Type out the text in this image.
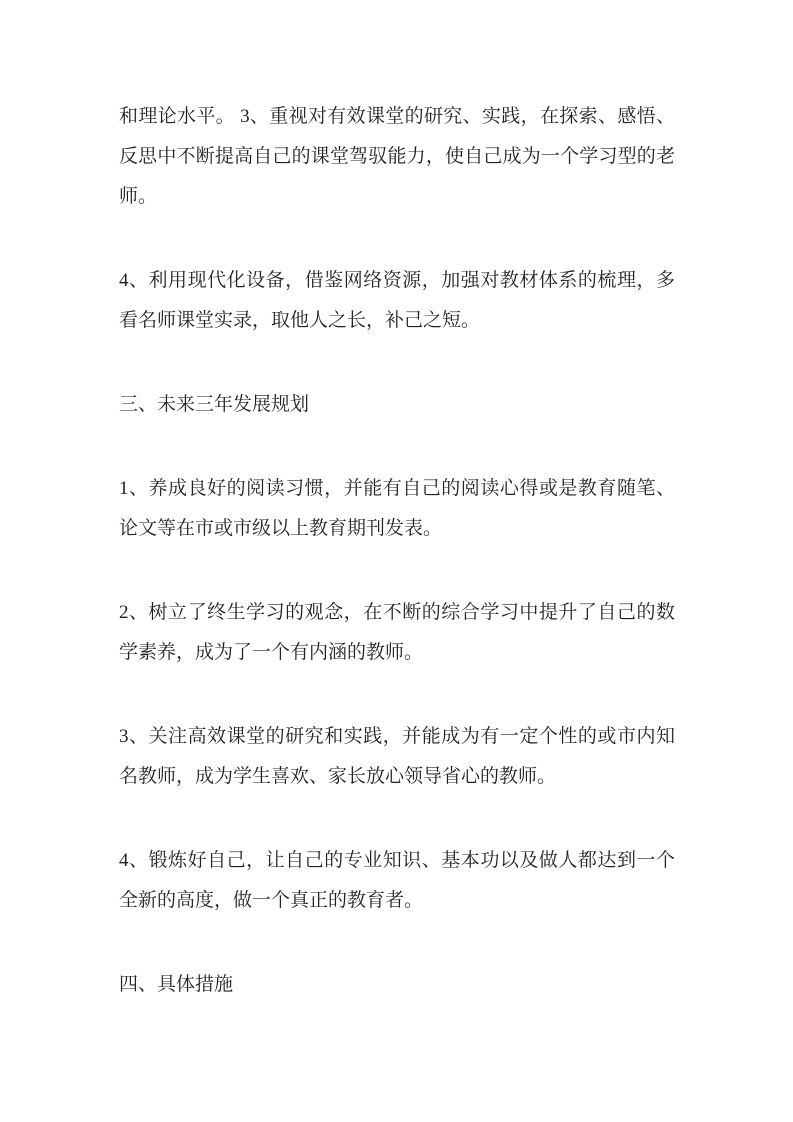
和理论水平。 3、重视对有效课堂的研究、实践，在探索、感悟、反思中不断提高自己的课堂驾驭能力，使自己成为一个学习型的老师。

4、利用现代化设备，借鉴网络资源，加强对教材体系的梳理，多看名师课堂实录，取他人之长，补己之短。

三、未来三年发展规划

1、养成良好的阅读习惯，并能有自己的阅读心得或是教育随笔、论文等在市或市级以上教育期刊发表。

2、树立了终生学习的观念，在不断的综合学习中提升了自己的数学素养，成为了一个有内涵的教师。

3、关注高效课堂的研究和实践，并能成为有一定个性的或市内知名教师，成为学生喜欢、家长放心领导省心的教师。

4、锻炼好自己，让自己的专业知识、基本功以及做人都达到一个全新的高度，做一个真正的教育者。

四、具体措施
